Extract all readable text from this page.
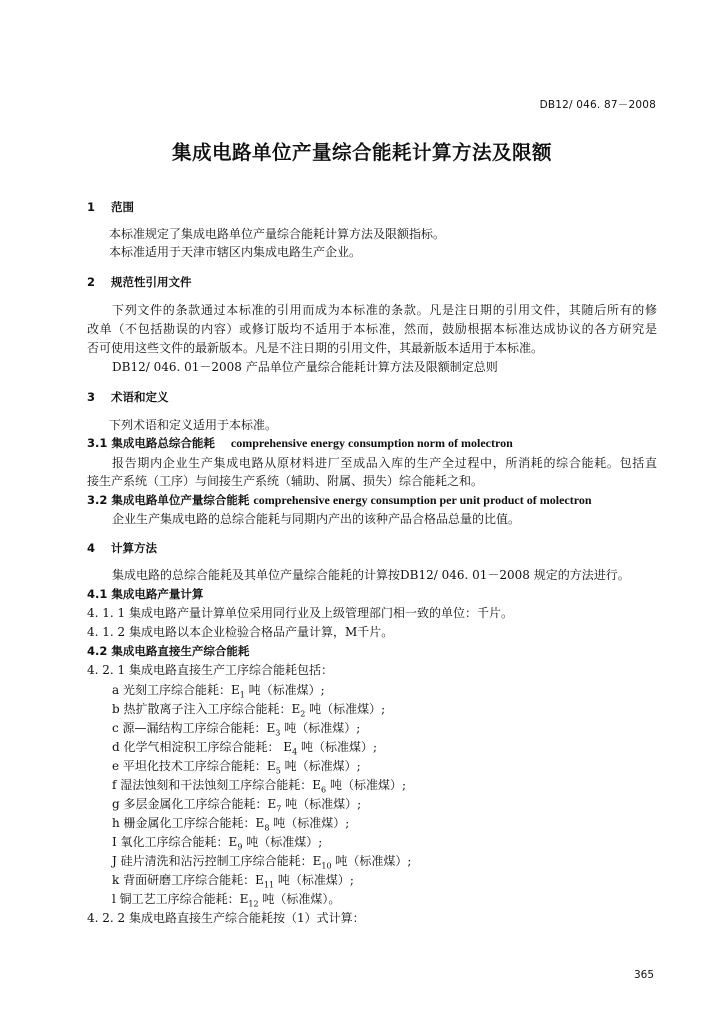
DB12/ 046. 87－2008
集成电路单位产量综合能耗计算方法及限额
1 范围
本标准规定了集成电路单位产量综合能耗计算方法及限额指标。
本标准适用于天津市辖区内集成电路生产企业。
2 规范性引用文件
下列文件的条款通过本标准的引用而成为本标准的条款。凡是注日期的引用文件，其随后所有的修
改单（不包括勘误的内容）或修订版均不适用于本标准，然而，鼓励根据本标准达成协议的各方研究是
否可使用这些文件的最新版本。凡是不注日期的引用文件，其最新版本适用于本标准。
DB12/ 046. 01－2008 产品单位产量综合能耗计算方法及限额制定总则
3 术语和定义
下列术语和定义适用于本标准。
3.1 集成电路总综合能耗 comprehensive energy consumption norm of molectron
报告期内企业生产集成电路从原材料进厂至成品入库的生产全过程中，所消耗的综合能耗。包括直
接生产系统（工序）与间接生产系统（辅助、附属、损失）综合能耗之和。
3.2 集成电路单位产量综合能耗 comprehensive energy consumption per unit product of molectron
企业生产集成电路的总综合能耗与同期内产出的该种产品合格品总量的比值。
4 计算方法
集成电路的总综合能耗及其单位产量综合能耗的计算按DB12/ 046. 01－2008 规定的方法进行。
4.1 集成电路产量计算
4. 1. 1 集成电路产量计算单位采用同行业及上级管理部门相一致的单位：千片。
4. 1. 2 集成电路以本企业检验合格品产量计算，M千片。
4.2 集成电路直接生产综合能耗
4. 2. 1 集成电路直接生产工序综合能耗包括：
a 光刻工序综合能耗：$E_1$ 吨（标准煤）;
b 热扩散离子注入工序综合能耗：$E_2$ 吨（标准煤）;
c 源—漏结构工序综合能耗：$E_3$ 吨（标准煤）;
d 化学气相淀积工序综合能耗： $E_4$ 吨（标准煤）;
e 平坦化技术工序综合能耗：$E_5$ 吨（标准煤）;
f 湿法蚀刻和干法蚀刻工序综合能耗：$E_6$ 吨（标准煤）;
g 多层金属化工序综合能耗：$E_7$ 吨（标准煤）;
h 栅金属化工序综合能耗：$E_8$ 吨（标准煤）;
I 氧化工序综合能耗：$E_9$ 吨（标准煤）;
J 硅片清洗和沾污控制工序综合能耗：$E_{10}$ 吨（标准煤）;
k 背面研磨工序综合能耗：$E_{11}$ 吨（标准煤）;
l 铜工艺工序综合能耗：$E_{12}$ 吨（标准煤）。
4. 2. 2 集成电路直接生产综合能耗按（1）式计算：
365
